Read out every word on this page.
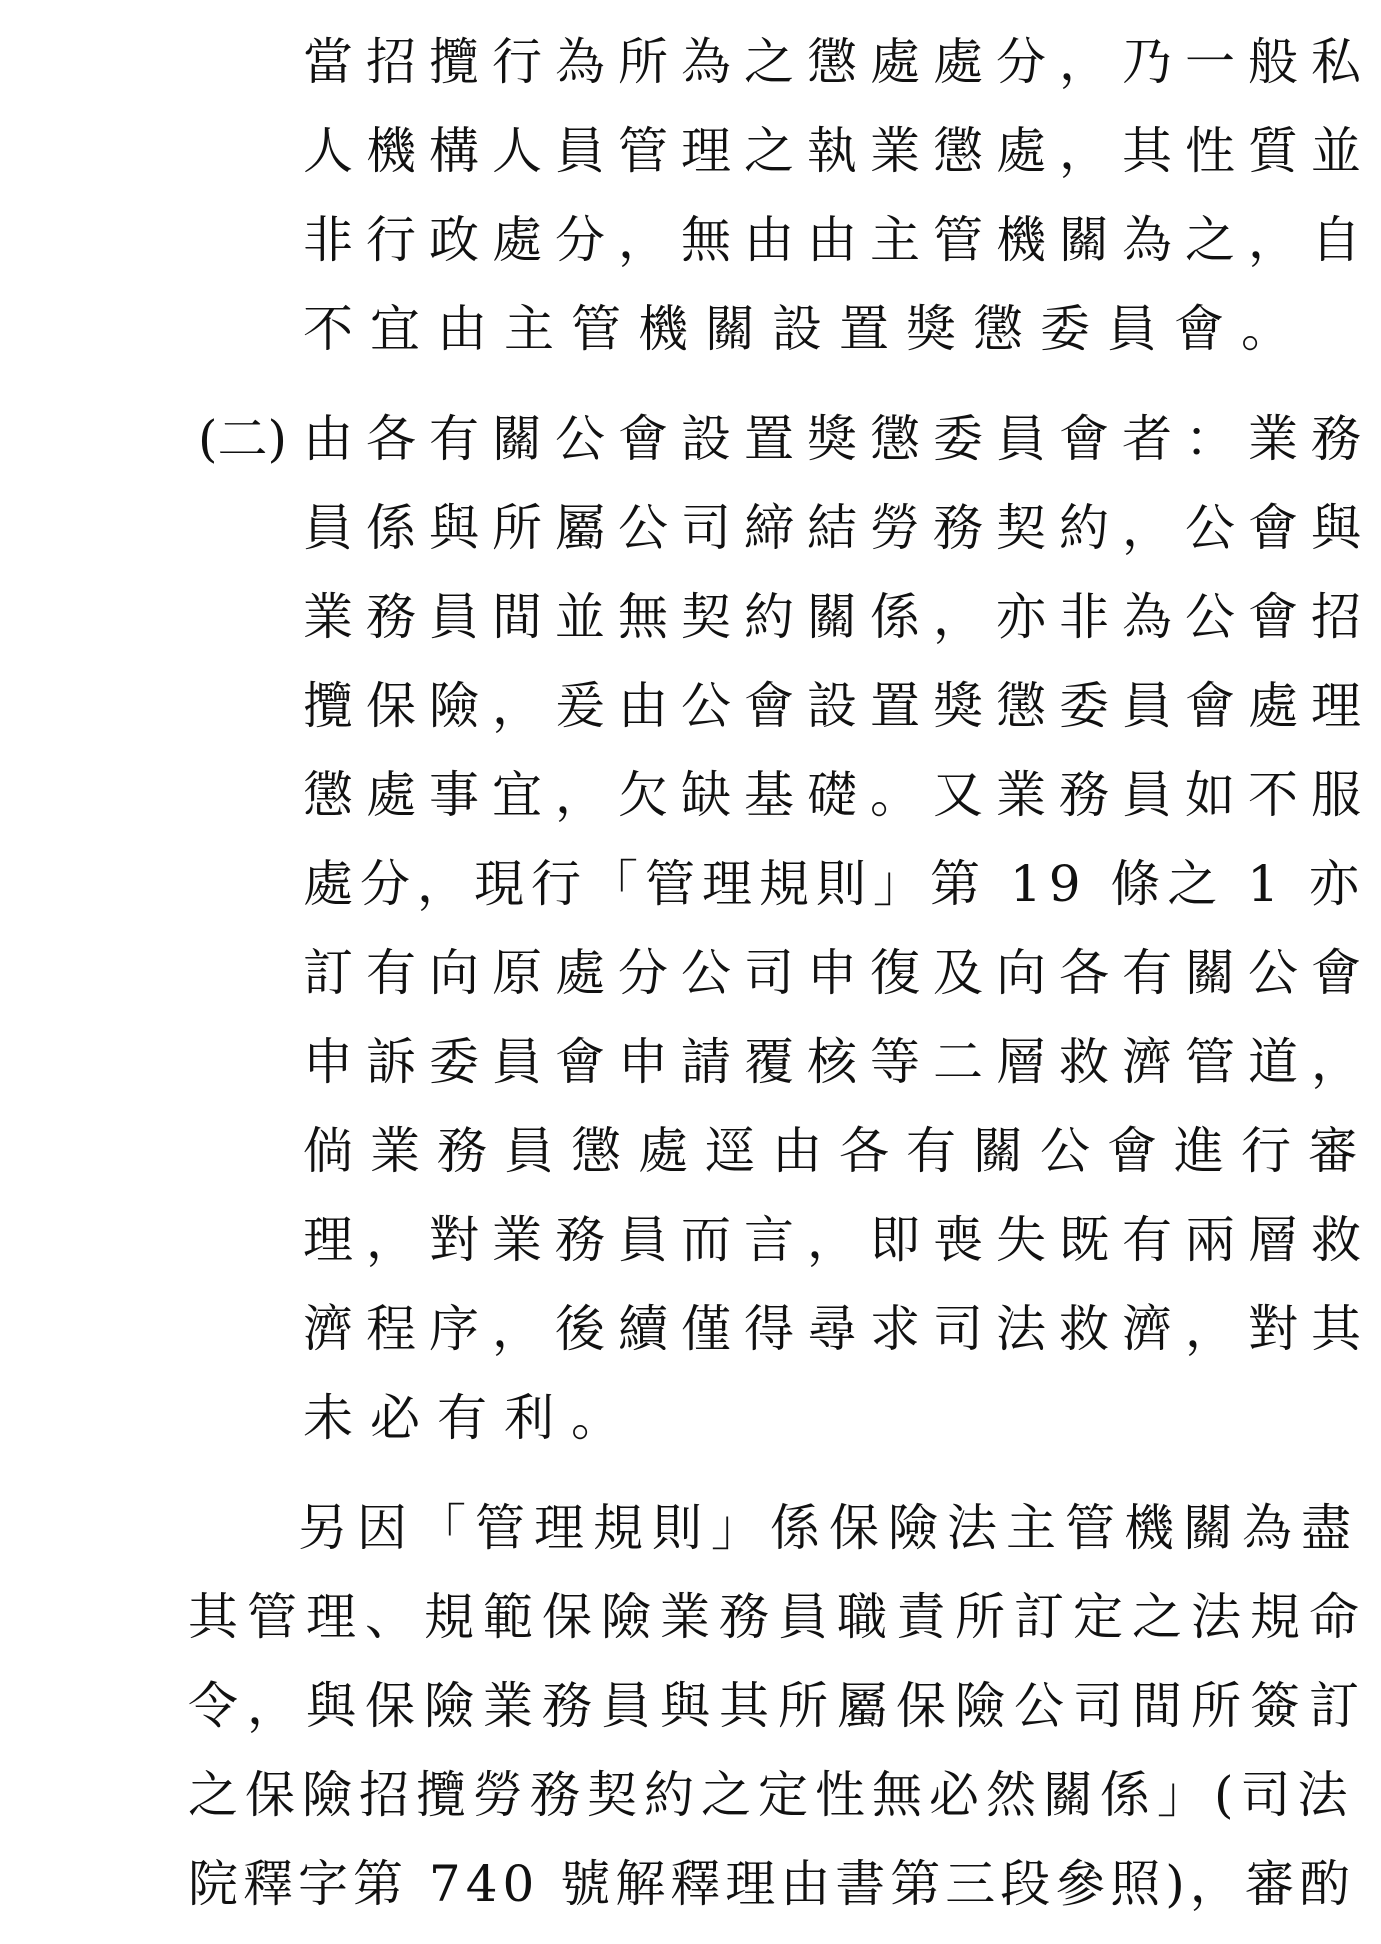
當招攬行為所為之懲處處分，乃一般私

人機構人員管理之執業懲處，其性質並

非行政處分，無由由主管機關為之，自

不宜由主管機關設置獎懲委員會。

(二) 由各有關公會設置獎懲委員會者：業務

員係與所屬公司締結勞務契約，公會與

業務員間並無契約關係，亦非為公會招

攬保險，爰由公會設置獎懲委員會處理

懲處事宜，欠缺基礎。又業務員如不服

處分，現行「管理規則」第 19 條之 1 亦

訂有向原處分公司申復及向各有關公會

申訴委員會申請覆核等二層救濟管道，

倘業務員懲處逕由各有關公會進行審

理，對業務員而言，即喪失既有兩層救

濟程序，後續僅得尋求司法救濟，對其

未必有利。

另因「管理規則」係保險法主管機關為盡

其管理、規範保險業務員職責所訂定之法規命

令，與保險業務員與其所屬保險公司間所簽訂

之保險招攬勞務契約之定性無必然關係」(司法

院釋字第 740 號解釋理由書第三段參照)，審酌
